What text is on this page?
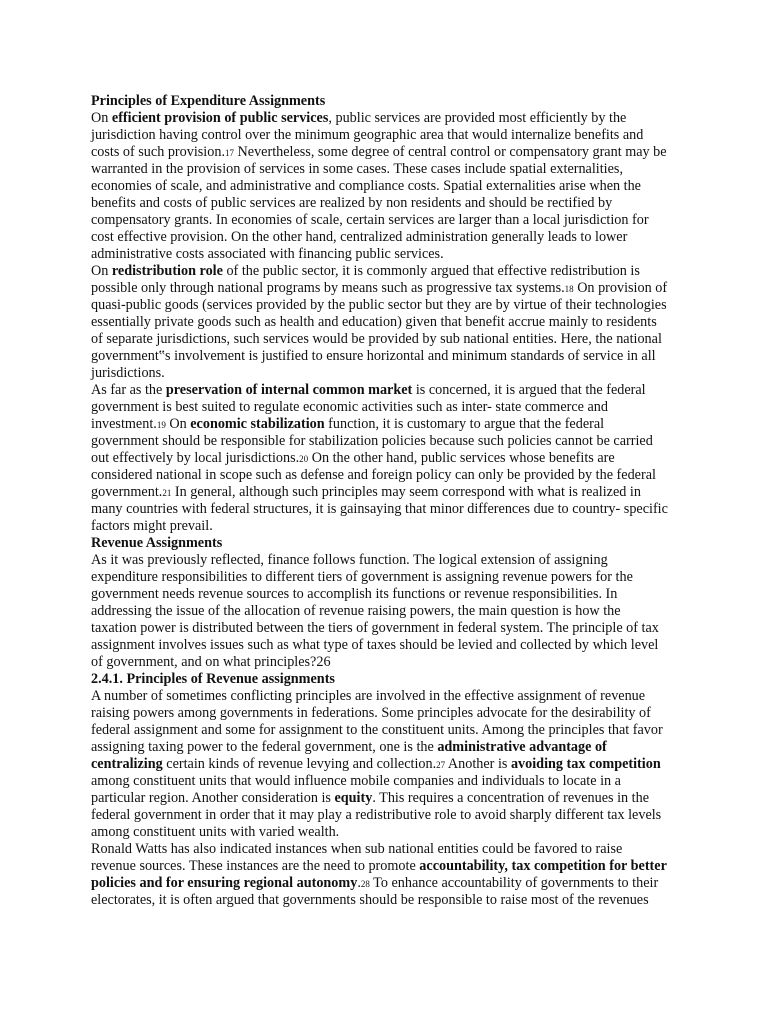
Principles of Expenditure Assignments
On efficient provision of public services, public services are provided most efficiently by the
jurisdiction having control over the minimum geographic area that would internalize benefits and
costs of such provision.17 Nevertheless, some degree of central control or compensatory grant may be
warranted in the provision of services in some cases. These cases include spatial externalities,
economies of scale, and administrative and compliance costs. Spatial externalities arise when the
benefits and costs of public services are realized by non residents and should be rectified by
compensatory grants. In economies of scale, certain services are larger than a local jurisdiction for
cost effective provision. On the other hand, centralized administration generally leads to lower
administrative costs associated with financing public services.
On redistribution role of the public sector, it is commonly argued that effective redistribution is
possible only through national programs by means such as progressive tax systems.18 On provision of
quasi-public goods (services provided by the public sector but they are by virtue of their technologies
essentially private goods such as health and education) given that benefit accrue mainly to residents
of separate jurisdictions, such services would be provided by sub national entities. Here, the national
government‟s involvement is justified to ensure horizontal and minimum standards of service in all
jurisdictions.
As far as the preservation of internal common market is concerned, it is argued that the federal
government is best suited to regulate economic activities such as inter- state commerce and
investment.19 On economic stabilization function, it is customary to argue that the federal
government should be responsible for stabilization policies because such policies cannot be carried
out effectively by local jurisdictions.20 On the other hand, public services whose benefits are
considered national in scope such as defense and foreign policy can only be provided by the federal
government.21 In general, although such principles may seem correspond with what is realized in
many countries with federal structures, it is gainsaying that minor differences due to country- specific
factors might prevail.
Revenue Assignments
As it was previously reflected, finance follows function. The logical extension of assigning
expenditure responsibilities to different tiers of government is assigning revenue powers for the
government needs revenue sources to accomplish its functions or revenue responsibilities. In
addressing the issue of the allocation of revenue raising powers, the main question is how the
taxation power is distributed between the tiers of government in federal system. The principle of tax
assignment involves issues such as what type of taxes should be levied and collected by which level
of government, and on what principles?26
2.4.1. Principles of Revenue assignments
A number of sometimes conflicting principles are involved in the effective assignment of revenue
raising powers among governments in federations. Some principles advocate for the desirability of
federal assignment and some for assignment to the constituent units. Among the principles that favor
assigning taxing power to the federal government, one is the administrative advantage of
centralizing certain kinds of revenue levying and collection.27 Another is avoiding tax competition
among constituent units that would influence mobile companies and individuals to locate in a
particular region. Another consideration is equity. This requires a concentration of revenues in the
federal government in order that it may play a redistributive role to avoid sharply different tax levels
among constituent units with varied wealth.
Ronald Watts has also indicated instances when sub national entities could be favored to raise
revenue sources. These instances are the need to promote accountability, tax competition for better
policies and for ensuring regional autonomy.28 To enhance accountability of governments to their
electorates, it is often argued that governments should be responsible to raise most of the revenues
